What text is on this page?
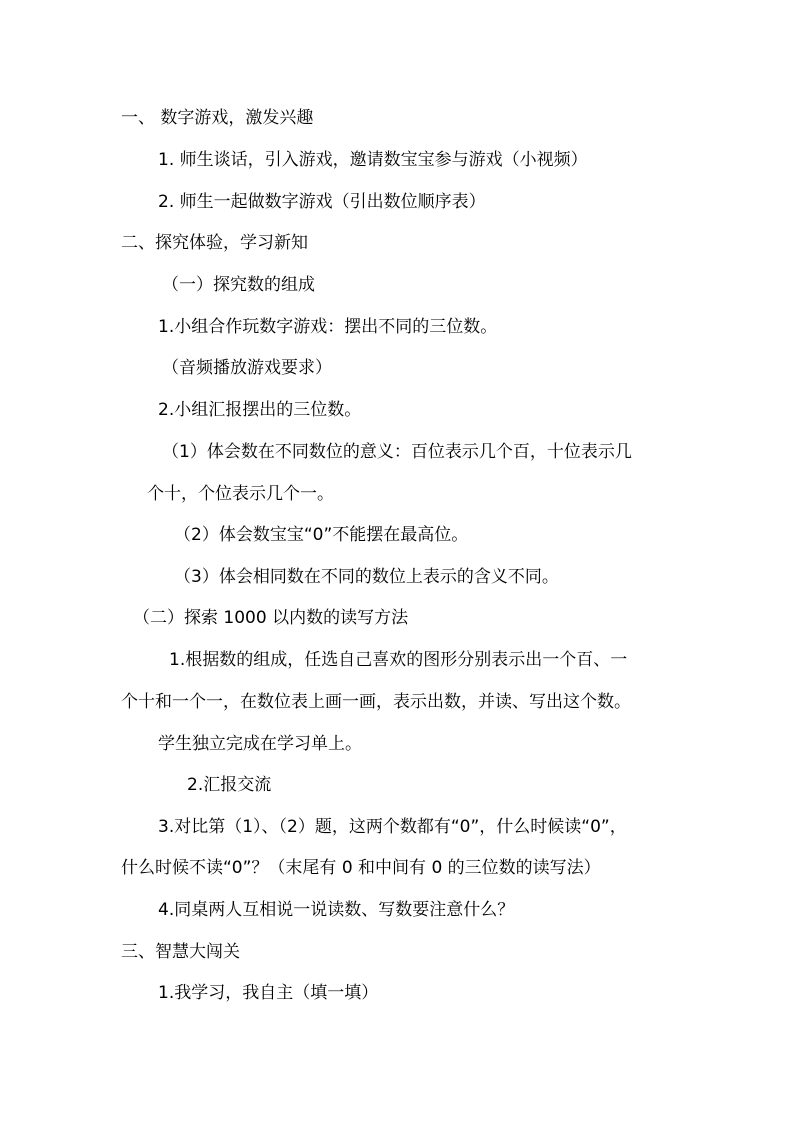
一、 数字游戏，激发兴趣
1. 师生谈话，引入游戏，邀请数宝宝参与游戏（小视频）
2. 师生一起做数字游戏（引出数位顺序表）
二、探究体验，学习新知
（一）探究数的组成
1.小组合作玩数字游戏：摆出不同的三位数。
（音频播放游戏要求）
2.小组汇报摆出的三位数。
（1）体会数在不同数位的意义：百位表示几个百，十位表示几
个十，个位表示几个一。
（2）体会数宝宝“0”不能摆在最高位。
（3）体会相同数在不同的数位上表示的含义不同。
（二）探索 1000 以内数的读写方法
1.根据数的组成，任选自己喜欢的图形分别表示出一个百、一
个十和一个一，在数位表上画一画，表示出数，并读、写出这个数。
学生独立完成在学习单上。
2.汇报交流
3.对比第（1）、（2）题，这两个数都有“0”，什么时候读“0”，
什么时候不读“0”？（末尾有 0 和中间有 0 的三位数的读写法）
4.同桌两人互相说一说读数、写数要注意什么？
三、智慧大闯关
1.我学习，我自主（填一填）
